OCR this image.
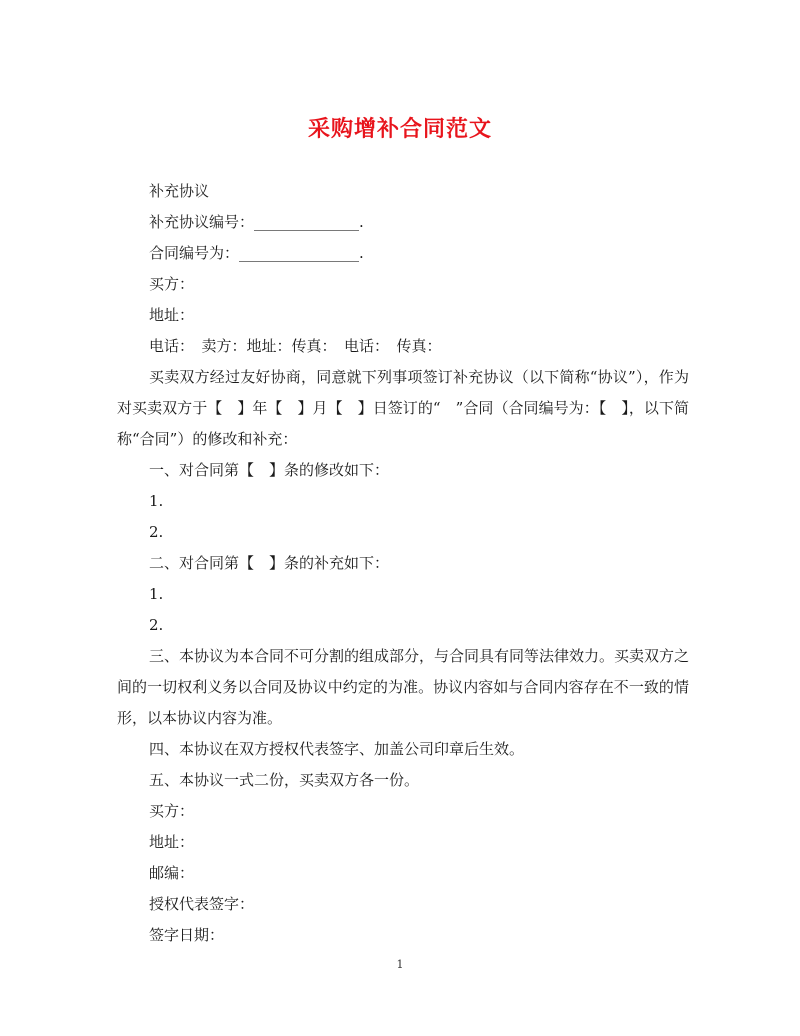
采购增补合同范文

补充协议

补充协议编号：______________.

合同编号为：________________.

买方：

地址：

电话：　卖方：地址：传真：　电话：　传真：

买卖双方经过友好协商，同意就下列事项签订补充协议（以下简称“协议”），作为对买卖双方于【　】年【　】月【　】日签订的“　”合同（合同编号为：【　】，以下简称“合同”）的修改和补充：

一、对合同第【　】条的修改如下：

1.

2.

二、对合同第【　】条的补充如下：

1.

2.

三、本协议为本合同不可分割的组成部分，与合同具有同等法律效力。买卖双方之间的一切权利义务以合同及协议中约定的为准。协议内容如与合同内容存在不一致的情形，以本协议内容为准。

四、本协议在双方授权代表签字、加盖公司印章后生效。

五、本协议一式二份，买卖双方各一份。

买方：

地址：

邮编：

授权代表签字：

签字日期：

1
